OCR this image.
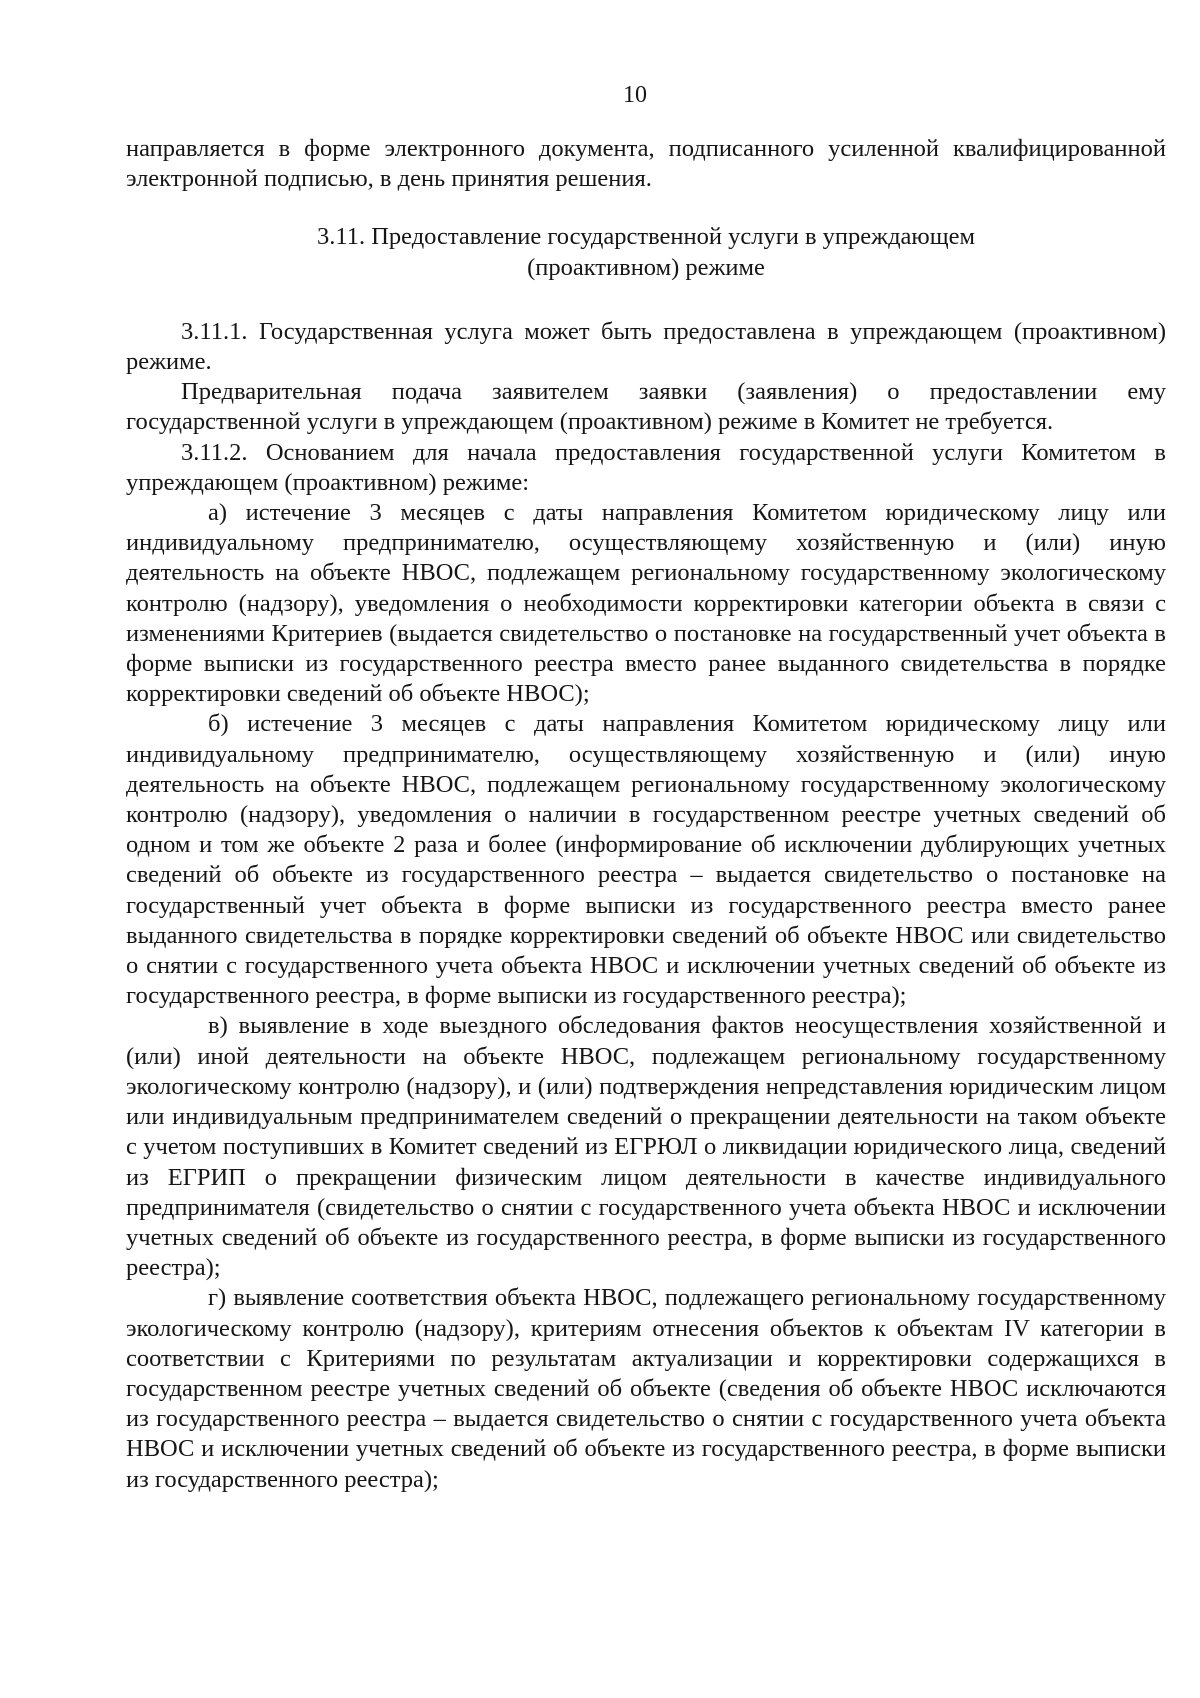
10

направляется в форме электронного документа, подписанного усиленной квалифицированной электронной подписью, в день принятия решения.

3.11. Предоставление государственной услуги в упреждающем
(проактивном) режиме

3.11.1. Государственная услуга может быть предоставлена в упреждающем (проактивном) режиме.

Предварительная подача заявителем заявки (заявления) о предоставлении ему государственной услуги в упреждающем (проактивном) режиме в Комитет не требуется.

3.11.2. Основанием для начала предоставления государственной услуги Комитетом в упреждающем (проактивном) режиме:

а) истечение 3 месяцев с даты направления Комитетом юридическому лицу или индивидуальному предпринимателю, осуществляющему хозяйственную и (или) иную деятельность на объекте НВОС, подлежащем региональному государственному экологическому контролю (надзору), уведомления о необходимости корректировки категории объекта в связи с изменениями Критериев (выдается свидетельство о постановке на государственный учет объекта в форме выписки из государственного реестра вместо ранее выданного свидетельства в порядке корректировки сведений об объекте НВОС);

б) истечение 3 месяцев с даты направления Комитетом юридическому лицу или индивидуальному предпринимателю, осуществляющему хозяйственную и (или) иную деятельность на объекте НВОС, подлежащем региональному государственному экологическому контролю (надзору), уведомления о наличии в государственном реестре учетных сведений об одном и том же объекте 2 раза и более (информирование об исключении дублирующих учетных сведений об объекте из государственного реестра – выдается свидетельство о постановке на государственный учет объекта в форме выписки из государственного реестра вместо ранее выданного свидетельства в порядке корректировки сведений об объекте НВОС или свидетельство о снятии с государственного учета объекта НВОС и исключении учетных сведений об объекте из государственного реестра, в форме выписки из государственного реестра);

в) выявление в ходе выездного обследования фактов неосуществления хозяйственной и (или) иной деятельности на объекте НВОС, подлежащем региональному государственному экологическому контролю (надзору), и (или) подтверждения непредставления юридическим лицом или индивидуальным предпринимателем сведений о прекращении деятельности на таком объекте с учетом поступивших в Комитет сведений из ЕГРЮЛ о ликвидации юридического лица, сведений из ЕГРИП о прекращении физическим лицом деятельности в качестве индивидуального предпринимателя (свидетельство о снятии с государственного учета объекта НВОС и исключении учетных сведений об объекте из государственного реестра, в форме выписки из государственного реестра);

г) выявление соответствия объекта НВОС, подлежащего региональному государственному экологическому контролю (надзору), критериям отнесения объектов к объектам IV категории в соответствии с Критериями по результатам актуализации и корректировки содержащихся в государственном реестре учетных сведений об объекте (сведения об объекте НВОС исключаются из государственного реестра – выдается свидетельство о снятии с государственного учета объекта НВОС и исключении учетных сведений об объекте из государственного реестра, в форме выписки из государственного реестра);
